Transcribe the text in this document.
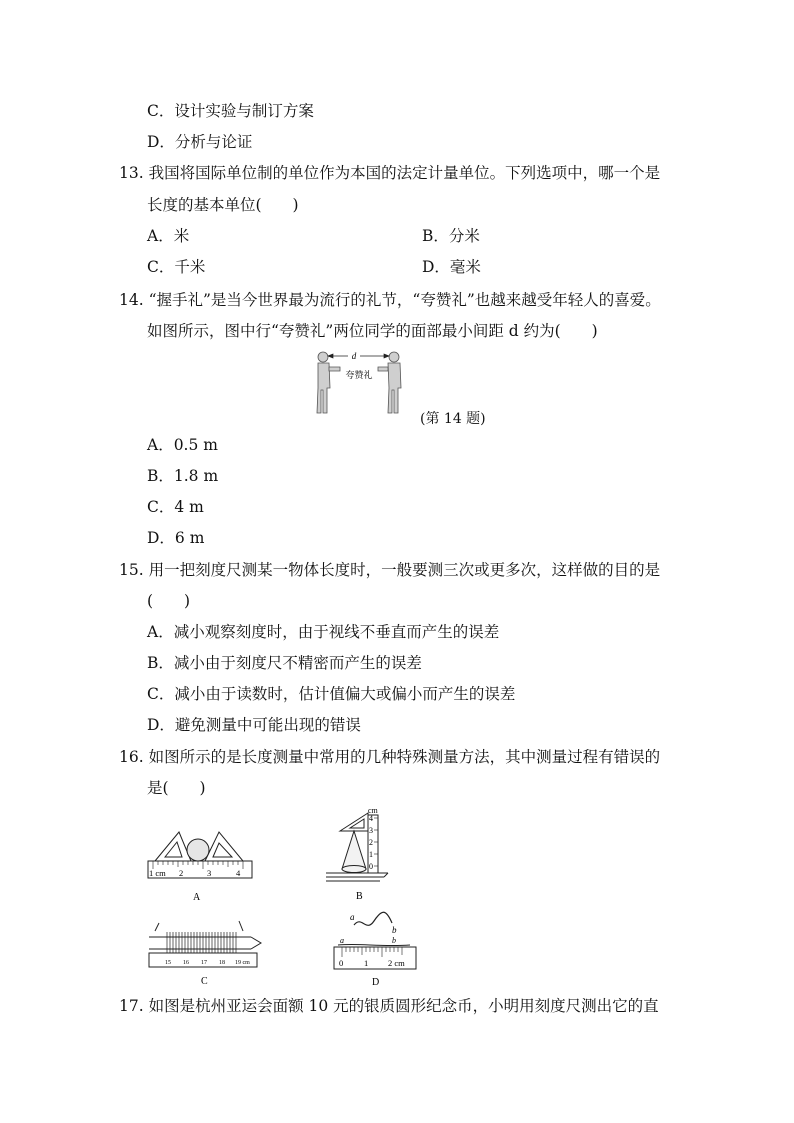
C．设计实验与制订方案
D．分析与论证
13. 我国将国际单位制的单位作为本国的法定计量单位。下列选项中，哪一个是
长度的基本单位(　　)
A．米	B．分米
C．千米	D．毫米
14. “握手礼”是当今世界最为流行的礼节，“夸赞礼”也越来越受年轻人的喜爱。
如图所示，图中行“夸赞礼”两位同学的面部最小间距 d 约为(　　)
d
夸赞礼
(第 14 题)
A．0.5 m
B．1.8 m
C．4 m
D．6 m
15. 用一把刻度尺测某一物体长度时，一般要测三次或更多次，这样做的目的是
(　　)
A．减小观察刻度时，由于视线不垂直而产生的误差
B．减小由于刻度尺不精密而产生的误差
C．减小由于读数时，估计值偏大或偏小而产生的误差
D．避免测量中可能出现的错误
16. 如图所示的是长度测量中常用的几种特殊测量方法，其中测量过程有错误的
是(　　)
1 cm 2	3	4
A
cm
4
3
2
1
0
B
15 16 17 18 19 cm
C
a
b
a	b
0 1 2 cm
D
17. 如图是杭州亚运会面额 10 元的银质圆形纪念币，小明用刻度尺测出它的直
